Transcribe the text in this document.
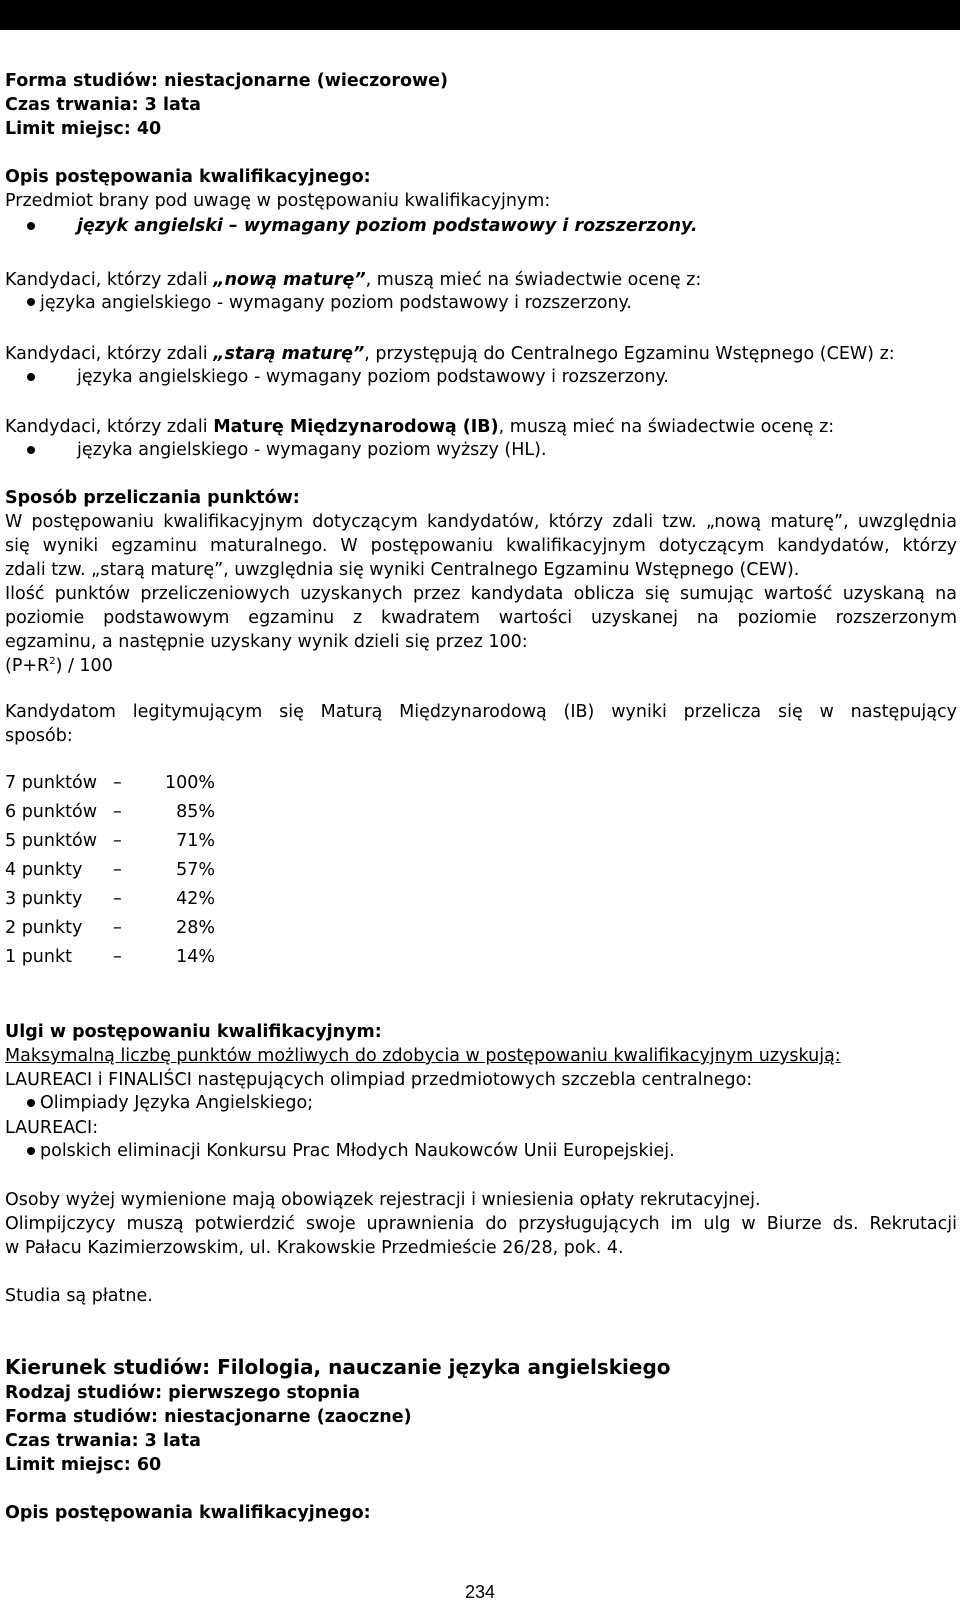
Monitor Uniwersytetu Warszawskiego nr 6C	30 maja 2006 r.
Forma studiów: niestacjonarne (wieczorowe)
Czas trwania: 3 lata
Limit miejsc: 40
Opis postępowania kwalifikacyjnego:
Przedmiot brany pod uwagę w postępowaniu kwalifikacyjnym:
język angielski – wymagany poziom podstawowy i rozszerzony.
Kandydaci, którzy zdali „nową maturę”, muszą mieć na świadectwie ocenę z:
języka angielskiego - wymagany poziom podstawowy i rozszerzony.
Kandydaci, którzy zdali „starą maturę”, przystępują do Centralnego Egzaminu Wstępnego (CEW) z:
języka angielskiego - wymagany poziom podstawowy i rozszerzony.
Kandydaci, którzy zdali Maturę Międzynarodową (IB), muszą mieć na świadectwie ocenę z:
języka angielskiego - wymagany poziom wyższy (HL).
Sposób przeliczania punktów:
W postępowaniu kwalifikacyjnym dotyczącym kandydatów, którzy zdali tzw. „nową maturę”, uwzględnia
się wyniki egzaminu maturalnego. W postępowaniu kwalifikacyjnym dotyczącym kandydatów, którzy
zdali tzw. „starą maturę”, uwzględnia się wyniki Centralnego Egzaminu Wstępnego (CEW).
Ilość punktów przeliczeniowych uzyskanych przez kandydata oblicza się sumując wartość uzyskaną na
poziomie podstawowym egzaminu z kwadratem wartości uzyskanej na poziomie rozszerzonym
egzaminu, a następnie uzyskany wynik dzieli się przez 100:
$(P+R^2) / 100$
Kandydatom legitymującym się Maturą Międzynarodową (IB) wyniki przelicza się w następujący
sposób:
7 punktów –	100%
6 punktów –	85%
5 punktów –	71%
4 punkty –	57%
3 punkty –	42%
2 punkty –	28%
1 punkt –	14%
Ulgi w postępowaniu kwalifikacyjnym:
Maksymalną liczbę punktów możliwych do zdobycia w postępowaniu kwalifikacyjnym uzyskują:
LAUREACI i FINALIŚCI następujących olimpiad przedmiotowych szczebla centralnego:
Olimpiady Języka Angielskiego;
LAUREACI:
polskich eliminacji Konkursu Prac Młodych Naukowców Unii Europejskiej.
Osoby wyżej wymienione mają obowiązek rejestracji i wniesienia opłaty rekrutacyjnej.
Olimpijczycy muszą potwierdzić swoje uprawnienia do przysługujących im ulg w Biurze ds. Rekrutacji
w Pałacu Kazimierzowskim, ul. Krakowskie Przedmieście 26/28, pok. 4.
Studia są płatne.
Kierunek studiów: Filologia, nauczanie języka angielskiego
Rodzaj studiów: pierwszego stopnia
Forma studiów: niestacjonarne (zaoczne)
Czas trwania: 3 lata
Limit miejsc: 60
Opis postępowania kwalifikacyjnego:
234
